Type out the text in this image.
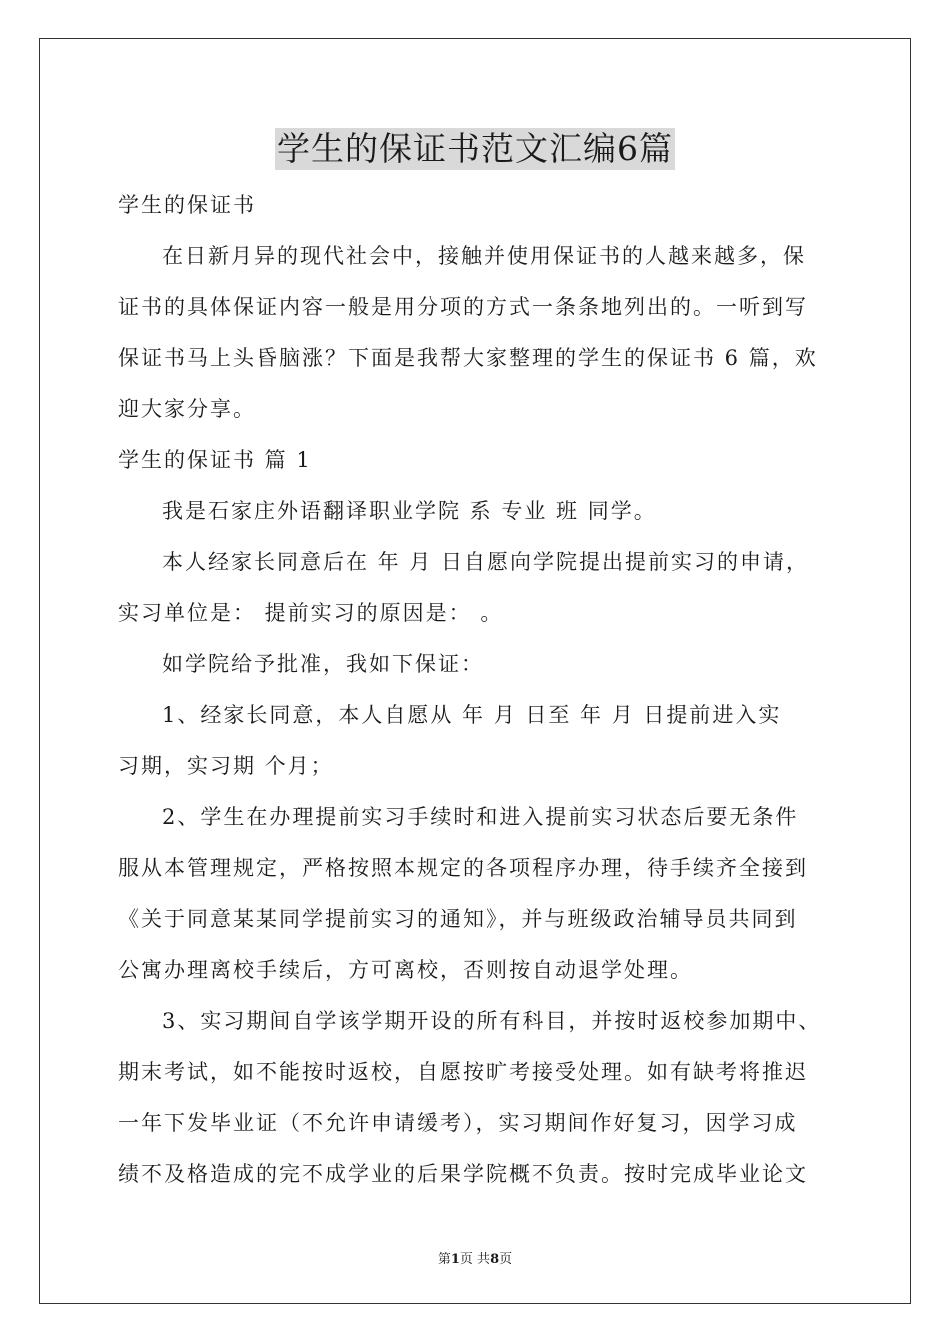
学生的保证书范文汇编6篇
学生的保证书
在日新月异的现代社会中，接触并使用保证书的人越来越多，保
证书的具体保证内容一般是用分项的方式一条条地列出的。一听到写
保证书马上头昏脑涨？下面是我帮大家整理的学生的保证书 6 篇，欢
迎大家分享。
学生的保证书 篇 1
我是石家庄外语翻译职业学院 系 专业 班 同学。
本人经家长同意后在 年 月 日自愿向学院提出提前实习的申请，
实习单位是： 提前实习的原因是： 。
如学院给予批准，我如下保证：
1、经家长同意，本人自愿从 年 月 日至 年 月 日提前进入实
习期，实习期 个月；
2、学生在办理提前实习手续时和进入提前实习状态后要无条件
服从本管理规定，严格按照本规定的各项程序办理，待手续齐全接到
《关于同意某某同学提前实习的通知》，并与班级政治辅导员共同到
公寓办理离校手续后，方可离校，否则按自动退学处理。
3、实习期间自学该学期开设的所有科目，并按时返校参加期中、
期末考试，如不能按时返校，自愿按旷考接受处理。如有缺考将推迟
一年下发毕业证（不允许申请缓考），实习期间作好复习，因学习成
绩不及格造成的完不成学业的后果学院概不负责。按时完成毕业论文
第1页 共8页
